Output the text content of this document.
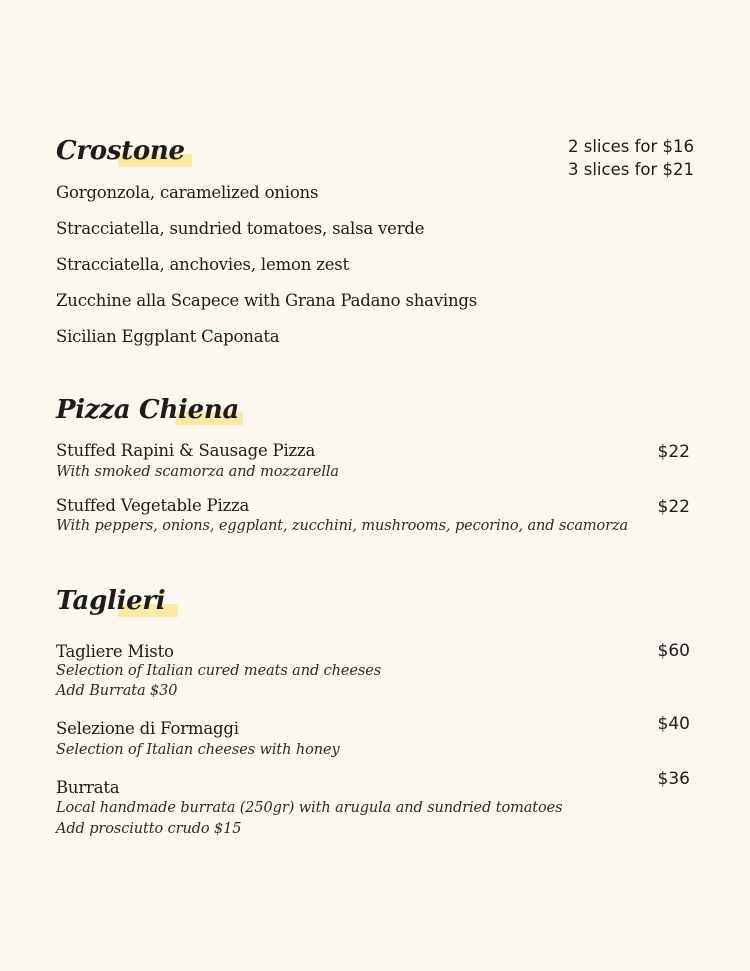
Crostone	2 slices for $16

3 slices for $21

Gorgonzola, caramelized onions

Stracciatella, sundried tomatoes, salsa verde

Stracciatella, anchovies, lemon zest

Zucchine alla Scapece with Grana Padano shavings

Sicilian Eggplant Caponata

Pizza Chiena

Stuffed Rapini & Sausage Pizza

With smoked scamorza and mozzarella

$22

Stuffed Vegetable Pizza

With peppers, onions, eggplant, zucchini, mushrooms, pecorino, and scamorza

$22

Taglieri

Tagliere Misto

Selection of Italian cured meats and cheeses

Add Burrata $30

$60

Selezione di Formaggi

Selection of Italian cheeses with honey

$40

Burrata

Local handmade burrata (250gr) with arugula and sundried tomatoes

Add prosciutto crudo $15

$36
